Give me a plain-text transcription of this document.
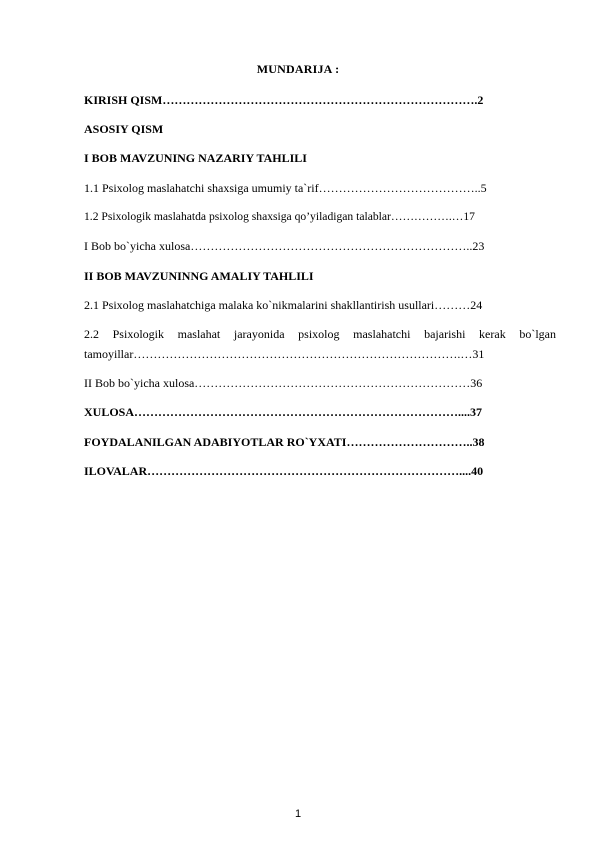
MUNDARIJA :
KIRISH QISM…………………………………………………………………….2
ASOSIY QISM
I BOB MAVZUNING NAZARIY TAHLILI
1.1 Psixolog maslahatchi shaxsiga umumiy ta`rif…………………………………..5
1.2 Psixologik maslahatda psixolog shaxsiga qo’yiladigan talablar…………….…17
I Bob bo`yicha xulosa……………………………………………………………..23
II BOB MAVZUNINNG AMALIY TAHLILI
2.1 Psixolog maslahatchiga malaka ko`nikmalarini shakllantirish usullari………24
2.2 Psixologik maslahat jarayonida psixolog maslahatchi bajarishi kerak bo`lgan
tamoyillar……………………………………………………………………….…31
II Bob bo`yicha xulosa……………………………………………………………36
XULOSA………………………………………………………………………....37
FOYDALANILGAN ADABIYOTLAR RO`YXATI…………………………..38
ILOVALAR……………………………………………………………………....40
1
